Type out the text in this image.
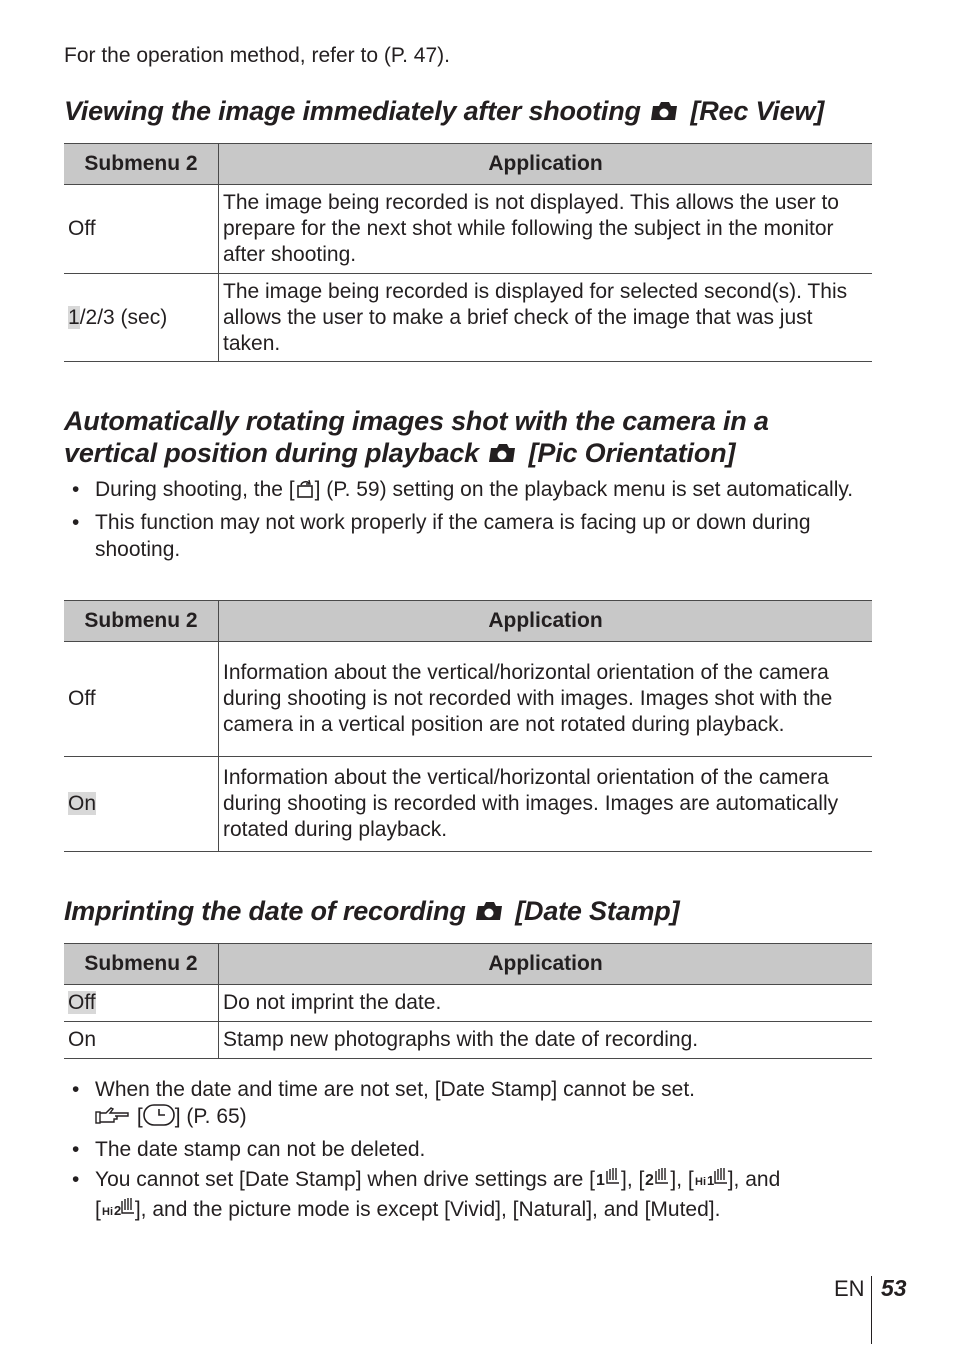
For the operation method, refer to (P. 47).
Viewing the image immediately after shooting [Rec View]
Submenu 2	Application
Off	The image being recorded is not displayed. This allows the user to prepare for the next shot while following the subject in the monitor after shooting.
1/2/3 (sec)	The image being recorded is displayed for selected second(s). This allows the user to make a brief check of the image that was just taken.
Automatically rotating images shot with the camera in a
vertical position during playback [Pic Orientation]
• During shooting, the [ ] (P. 59) setting on the playback menu is set automatically.
• This function may not work properly if the camera is facing up or down during shooting.
Submenu 2	Application
Off	Information about the vertical/horizontal orientation of the camera during shooting is not recorded with images. Images shot with the camera in a vertical position are not rotated during playback.
On	Information about the vertical/horizontal orientation of the camera during shooting is recorded with images. Images are automatically rotated during playback.
Imprinting the date of recording [Date Stamp]
Submenu 2	Application
Off	Do not imprint the date.
On	Stamp new photographs with the date of recording.
• When the date and time are not set, [Date Stamp] cannot be set.
[ ] (P. 65)
• The date stamp can not be deleted.
• You cannot set [Date Stamp] when drive settings are [ 1 ], [ 2 ], [ Hi 1 ], and
[ Hi 2 ], and the picture mode is except [Vivid], [Natural], and [Muted].
EN 53
